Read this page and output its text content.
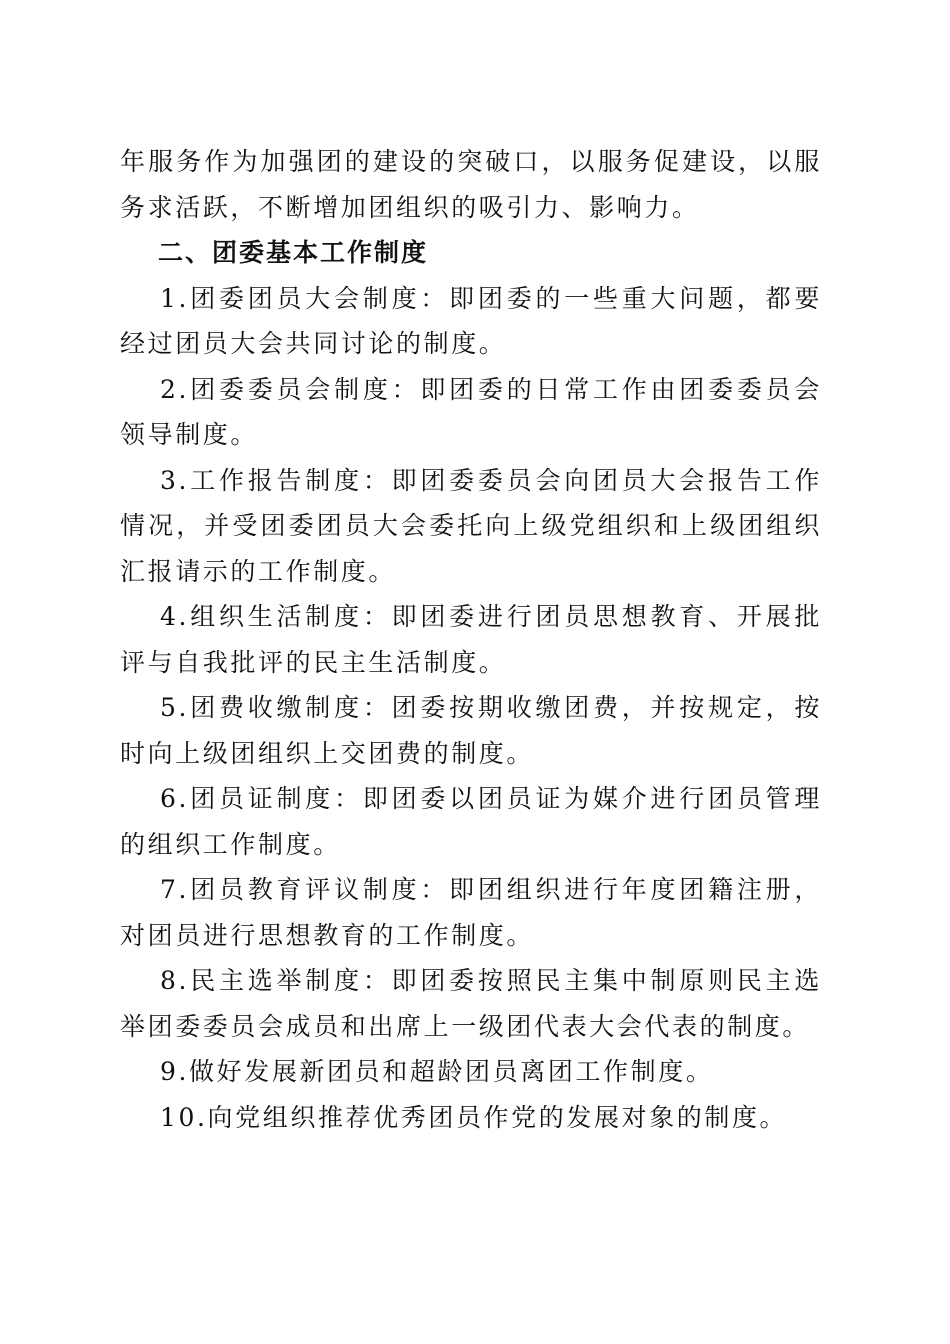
年服务作为加强团的建设的突破口，以服务促建设，以服务求活跃，不断增加团组织的吸引力、影响力。

二、团委基本工作制度

1.团委团员大会制度：即团委的一些重大问题，都要经过团员大会共同讨论的制度。

2.团委委员会制度：即团委的日常工作由团委委员会领导制度。

3.工作报告制度：即团委委员会向团员大会报告工作情况，并受团委团员大会委托向上级党组织和上级团组织汇报请示的工作制度。

4.组织生活制度：即团委进行团员思想教育、开展批评与自我批评的民主生活制度。

5.团费收缴制度：团委按期收缴团费，并按规定，按时向上级团组织上交团费的制度。

6.团员证制度：即团委以团员证为媒介进行团员管理的组织工作制度。

7.团员教育评议制度：即团组织进行年度团籍注册，对团员进行思想教育的工作制度。

8.民主选举制度：即团委按照民主集中制原则民主选举团委委员会成员和出席上一级团代表大会代表的制度。

9.做好发展新团员和超龄团员离团工作制度。

10.向党组织推荐优秀团员作党的发展对象的制度。
